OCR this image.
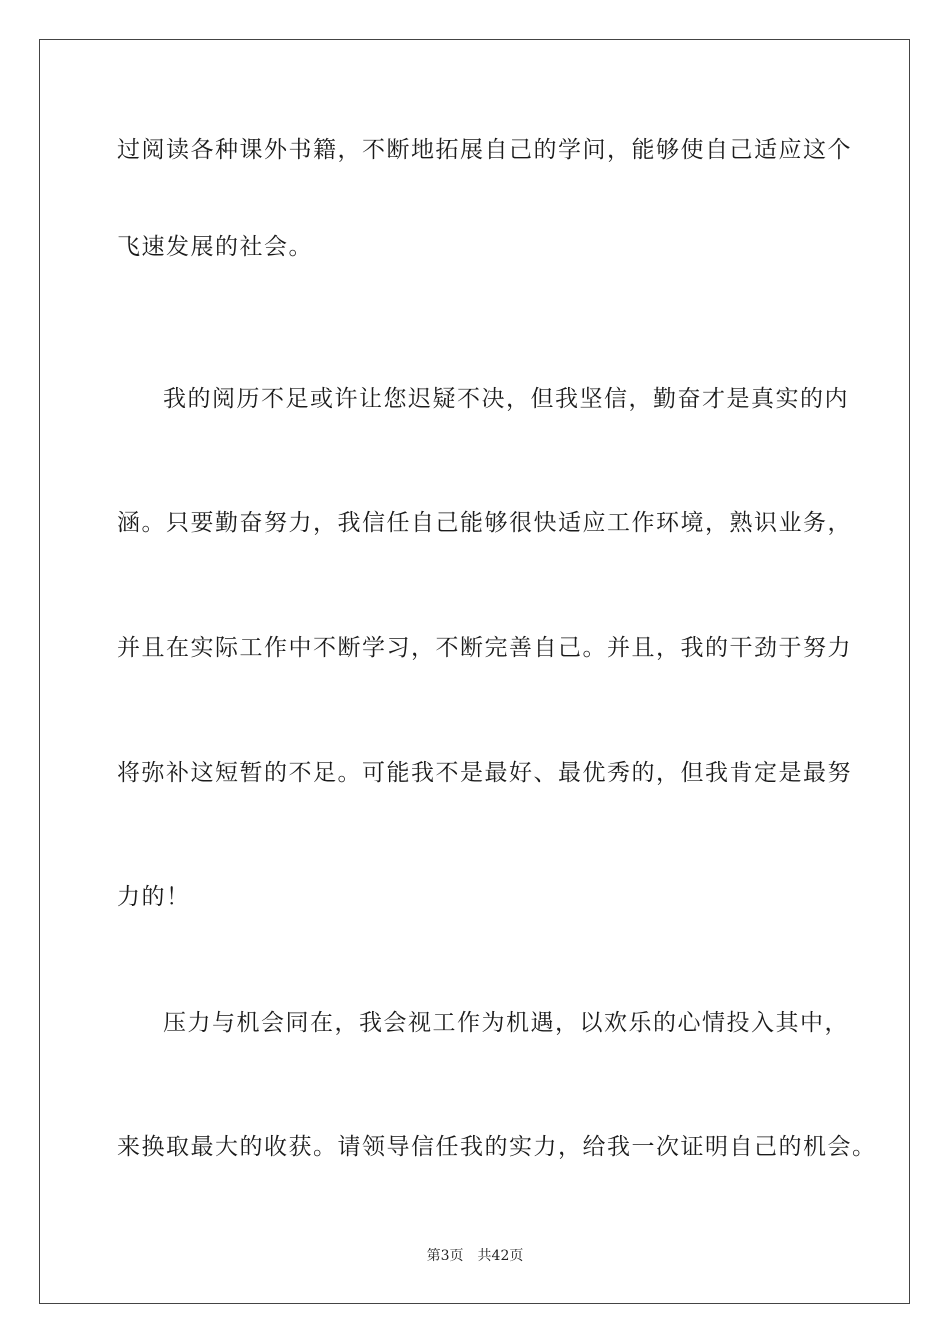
过阅读各种课外书籍，不断地拓展自己的学问，能够使自己适应这个
飞速发展的社会。
我的阅历不足或许让您迟疑不决，但我坚信，勤奋才是真实的内
涵。只要勤奋努力，我信任自己能够很快适应工作环境，熟识业务，
并且在实际工作中不断学习，不断完善自己。并且，我的干劲于努力
将弥补这短暂的不足。可能我不是最好、最优秀的，但我肯定是最努
力的！
压力与机会同在，我会视工作为机遇，以欢乐的心情投入其中，
来换取最大的收获。请领导信任我的实力，给我一次证明自己的机会。
第3页 共42页
